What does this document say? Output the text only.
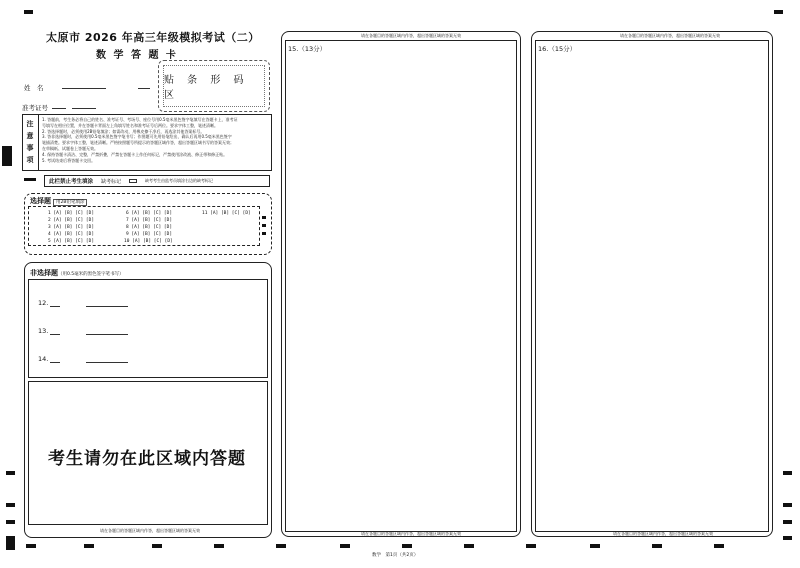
太原市 2026 年高三年级模拟考试（二）
数 学 答 题 卡
姓　名
准考证号
贴 条 形 码 区
注意事项
1. 答题前，考生务必将自己的姓名、准考证号、考场号、座位号用0.5毫米黑色签字笔填写在答题卡上，准考证
号填写在相应位置，并在答题卡背面左上角填写姓名和准考证号后两位。要求字体工整，笔迹清晰。
2. 答选择题时，必须使用2B铅笔填涂；如需改动，用橡皮擦干净后，再选涂其他答案标号。
3. 答非选择题时，必须使用0.5毫米黑色签字笔书写；作图题可先用铅笔绘出，确认后再用0.5毫米黑色签字
笔描清楚。要求字体工整，笔迹清晰。严格按照题号所提示的答题区域作答，超出答题区域书写的答案无效；
在草稿纸、试题卷上答题无效。
4. 保持答题卡清洁、完整，严禁折叠，严禁在答题卡上作任何标记，严禁使用涂改液、修正带和修正贴。
5. 考试结束后将答题卡交回。
此栏禁止考生填涂 缺考标记	缺考考生由监考员填涂右边的缺考标记
选择题 用2B铅笔填涂
1 [A] [B] [C] [D]
2 [A] [B] [C] [D]
3 [A] [B] [C] [D]
4 [A] [B] [C] [D]
5 [A] [B] [C] [D]
6 [A] [B] [C] [D]
7 [A] [B] [C] [D]
8 [A] [B] [C] [D]
9 [A] [B] [C] [D]
10 [A] [B] [C] [D]
11 [A] [B] [C] [D]
非选择题（用0.5毫米的黑色签字笔书写）
12.
13.
14.
考生请勿在此区域内答题
请在各题目的答题区域内作答，超出答题区域的答案无效
请在各题目的答题区域内作答，超出答题区域的答案无效
15.（13分）
请在各题目的答题区域内作答，超出答题区域的答案无效
请在各题目的答题区域内作答，超出答题区域的答案无效
16.（15分）
请在各题目的答题区域内作答，超出答题区域的答案无效
数学　第1页（共2页）
